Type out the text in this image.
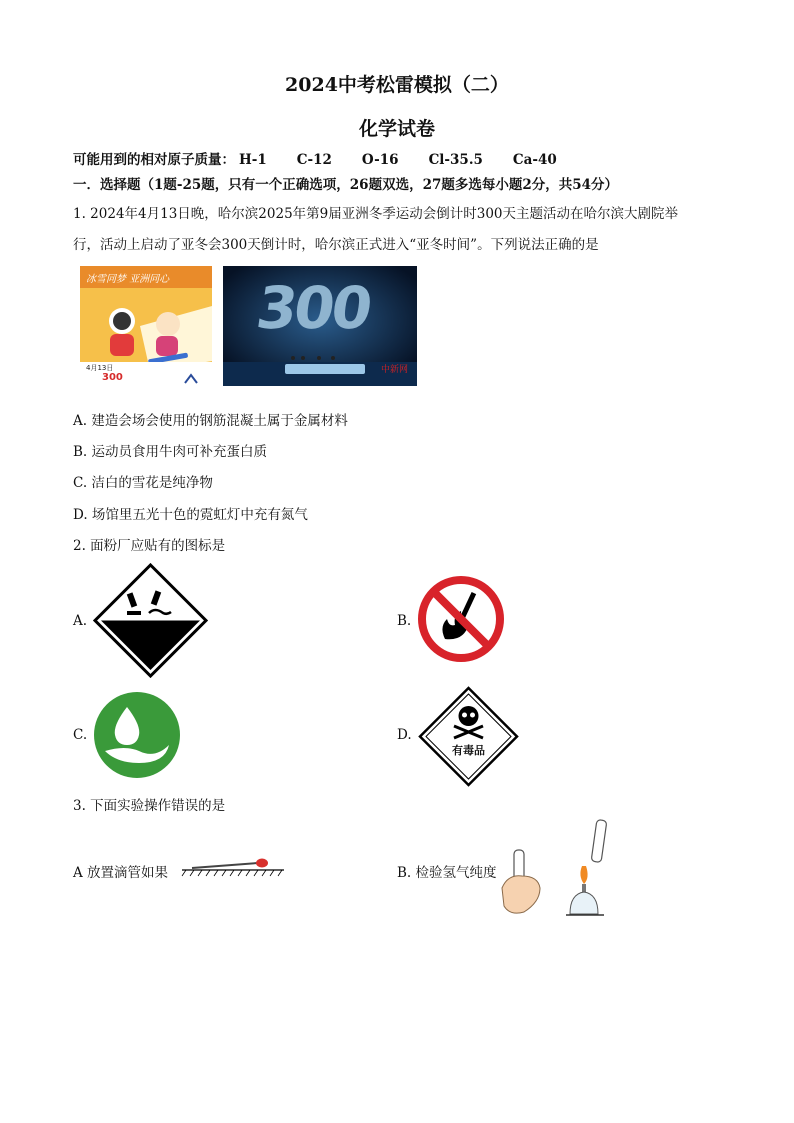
2024中考松雷模拟（二）
化学试卷
可能用到的相对原子质量： H-1 C-12 O-16 Cl-35.5 Ca-40
一．选择题（1题-25题，只有一个正确选项，26题双选，27题多选每小题2分，共54分）
1. 2024年4月13日晚，哈尔滨2025年第9届亚洲冬季运动会倒计时300天主题活动在哈尔滨大剧院举
行，活动上启动了亚冬会300天倒计时，哈尔滨正式进入“亚冬时间”。下列说法正确的是
冰雪同梦 亚洲同心
4月13日
300
300
中新网
A. 建造会场会使用的钢筋混凝土属于金属材料
B. 运动员食用牛肉可补充蛋白质
C. 洁白的雪花是纯净物
D. 场馆里五光十色的霓虹灯中充有氮气
2. 面粉厂应贴有的图标是
A.	B.
C.	D.
有毒品
3. 下面实验操作错误的是
A 放置滴管如果	B. 检验氢气纯度
